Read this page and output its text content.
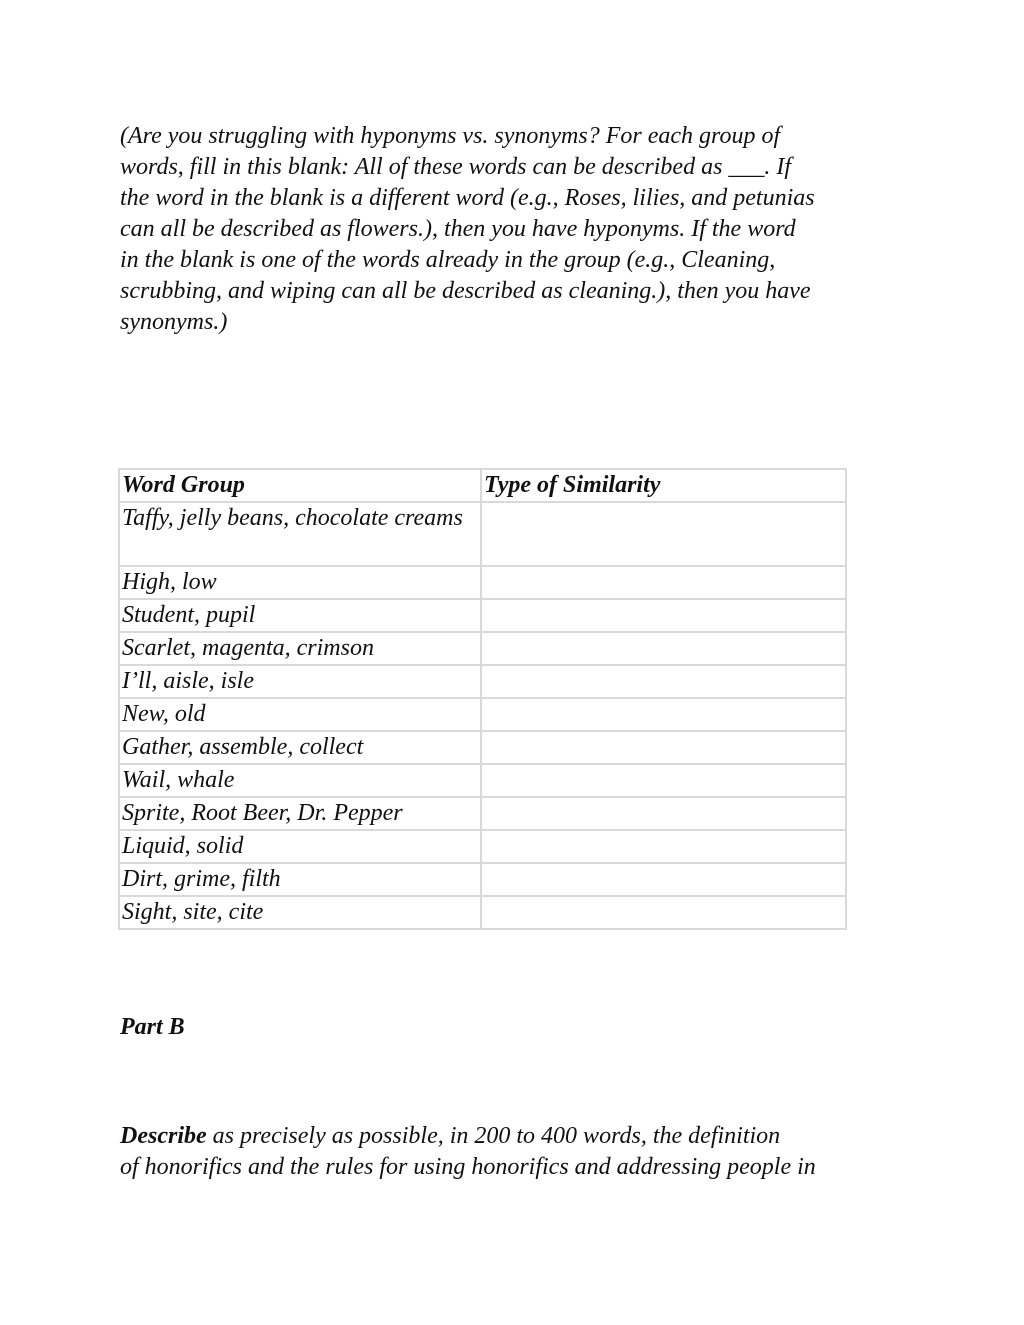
(Are you struggling with hyponyms vs. synonyms? For each group of
words, fill in this blank: All of these words can be described as ___. If
the word in the blank is a different word (e.g., Roses, lilies, and petunias
can all be described as flowers.), then you have hyponyms. If the word
in the blank is one of the words already in the group (e.g., Cleaning,
scrubbing, and wiping can all be described as cleaning.), then you have
synonyms.)

Word Group	Type of Similarity
Taffy, jelly beans, chocolate creams	
High, low	
Student, pupil	
Scarlet, magenta, crimson	
I’ll, aisle, isle	
New, old	
Gather, assemble, collect	
Wail, whale	
Sprite, Root Beer, Dr. Pepper	
Liquid, solid	
Dirt, grime, filth	
Sight, site, cite	

Part B

Describe as precisely as possible, in 200 to 400 words, the definition
of honorifics and the rules for using honorifics and addressing people in
